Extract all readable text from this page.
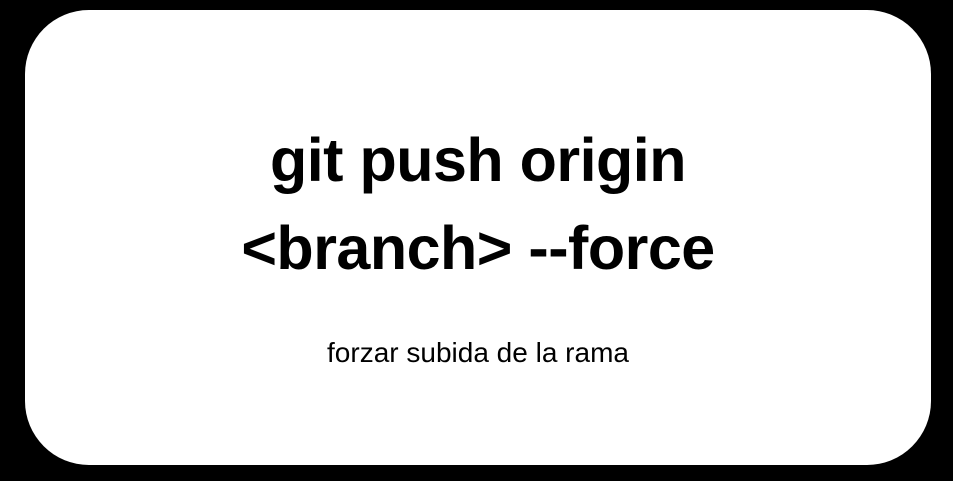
git push origin
<branch> --force
forzar subida de la rama
